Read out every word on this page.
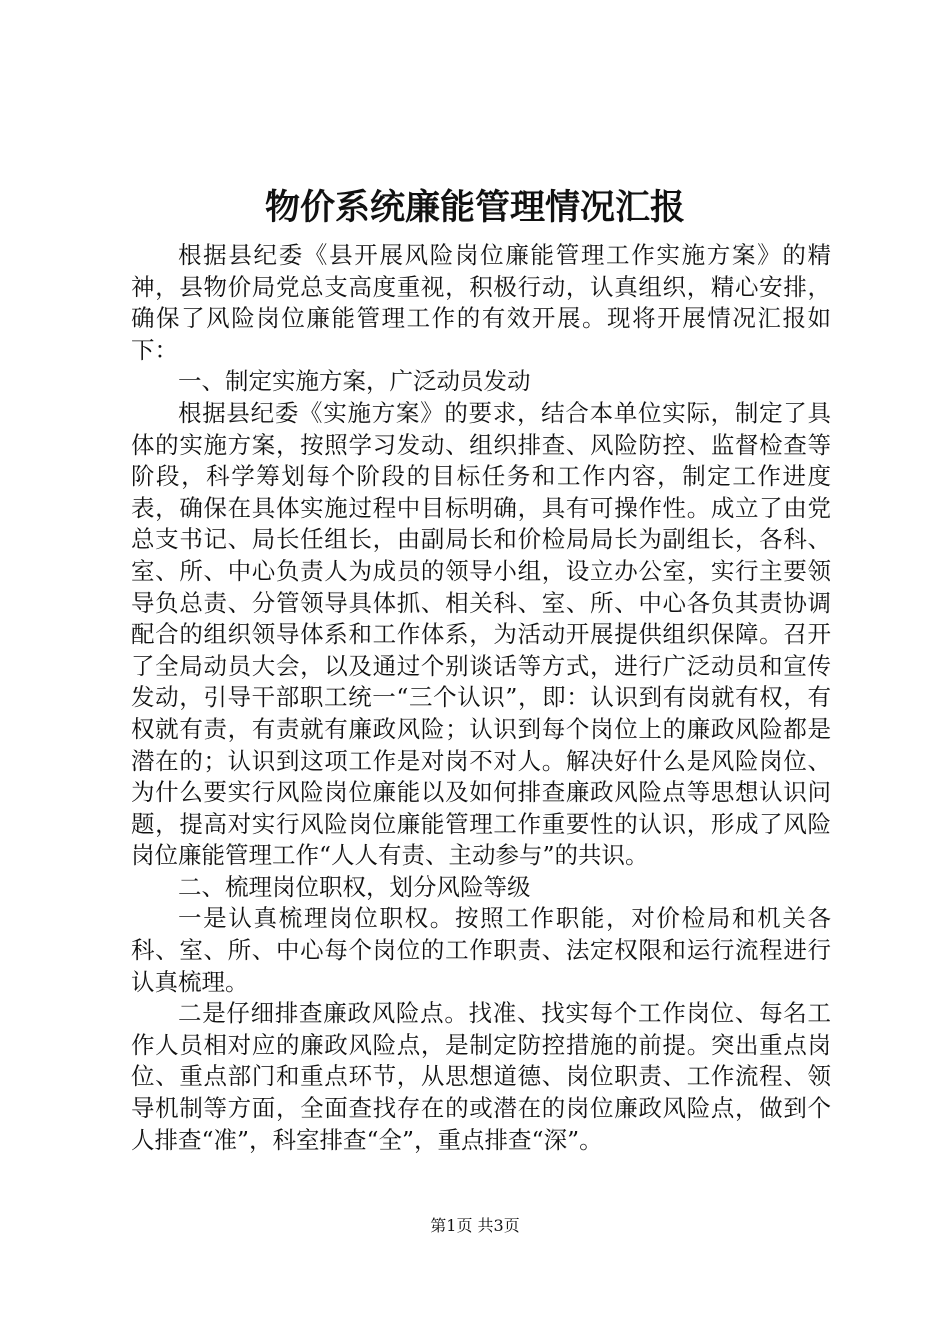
物价系统廉能管理情况汇报

根据县纪委《县开展风险岗位廉能管理工作实施方案》的精神，县物价局党总支高度重视，积极行动，认真组织，精心安排，确保了风险岗位廉能管理工作的有效开展。现将开展情况汇报如下：

一、制定实施方案，广泛动员发动

根据县纪委《实施方案》的要求，结合本单位实际，制定了具体的实施方案，按照学习发动、组织排查、风险防控、监督检查等阶段，科学筹划每个阶段的目标任务和工作内容，制定工作进度表，确保在具体实施过程中目标明确，具有可操作性。成立了由党总支书记、局长任组长，由副局长和价检局局长为副组长，各科、室、所、中心负责人为成员的领导小组，设立办公室，实行主要领导负总责、分管领导具体抓、相关科、室、所、中心各负其责协调配合的组织领导体系和工作体系，为活动开展提供组织保障。召开了全局动员大会，以及通过个别谈话等方式，进行广泛动员和宣传发动，引导干部职工统一“三个认识”，即：认识到有岗就有权，有权就有责，有责就有廉政风险；认识到每个岗位上的廉政风险都是潜在的；认识到这项工作是对岗不对人。解决好什么是风险岗位、为什么要实行风险岗位廉能以及如何排查廉政风险点等思想认识问题，提高对实行风险岗位廉能管理工作重要性的认识，形成了风险岗位廉能管理工作“人人有责、主动参与”的共识。

二、梳理岗位职权，划分风险等级

一是认真梳理岗位职权。按照工作职能，对价检局和机关各科、室、所、中心每个岗位的工作职责、法定权限和运行流程进行认真梳理。

二是仔细排查廉政风险点。找准、找实每个工作岗位、每名工作人员相对应的廉政风险点，是制定防控措施的前提。突出重点岗位、重点部门和重点环节，从思想道德、岗位职责、工作流程、领导机制等方面，全面查找存在的或潜在的岗位廉政风险点，做到个人排查“准”，科室排查“全”，重点排查“深”。

第1页 共3页
